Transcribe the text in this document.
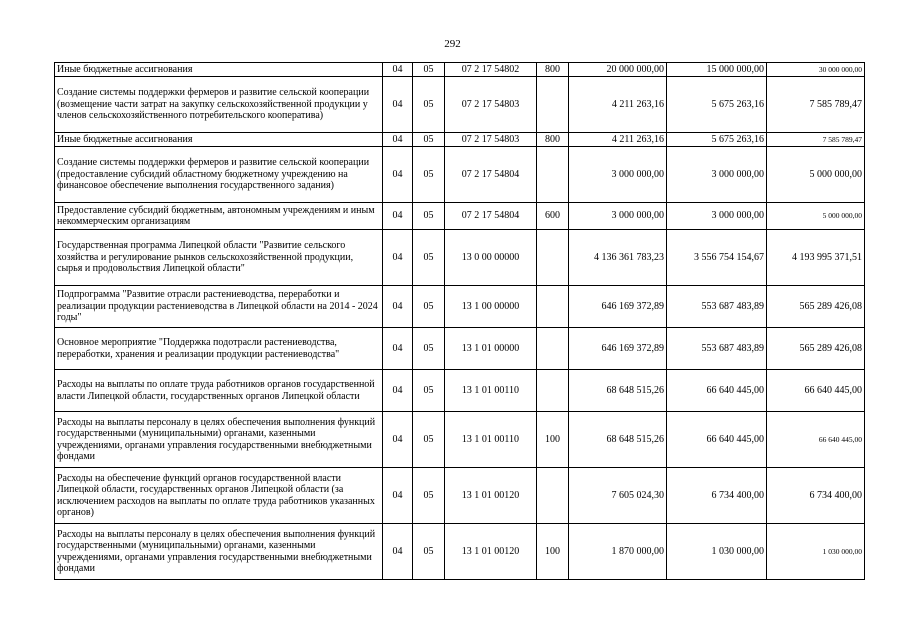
292
Иные бюджетные ассигнования	04	05	07 2 17 54802	800	20 000 000,00	15 000 000,00	30 000 000,00
Создание системы поддержки фермеров и развитие сельской кооперации (возмещение части затрат на закупку сельскохозяйственной продукции у членов сельскохозяйственного потребительского кооператива)	04	05	07 2 17 54803		4 211 263,16	5 675 263,16	7 585 789,47
Иные бюджетные ассигнования	04	05	07 2 17 54803	800	4 211 263,16	5 675 263,16	7 585 789,47
Создание системы поддержки фермеров и развитие сельской кооперации (предоставление субсидий областному бюджетному учреждению на финансовое обеспечение выполнения государственного задания)	04	05	07 2 17 54804		3 000 000,00	3 000 000,00	5 000 000,00
Предоставление субсидий бюджетным, автономным учреждениям и иным некоммерческим организациям	04	05	07 2 17 54804	600	3 000 000,00	3 000 000,00	5 000 000,00
Государственная программа Липецкой области "Развитие сельского хозяйства и регулирование рынков сельскохозяйственной продукции, сырья и продовольствия Липецкой области"	04	05	13 0 00 00000		4 136 361 783,23	3 556 754 154,67	4 193 995 371,51
Подпрограмма "Развитие отрасли растениеводства, переработки и реализации продукции растениеводства в Липецкой области на 2014 - 2024 годы"	04	05	13 1 00 00000		646 169 372,89	553 687 483,89	565 289 426,08
Основное мероприятие "Поддержка подотрасли растениеводства, переработки, хранения и реализации продукции растениеводства"	04	05	13 1 01 00000		646 169 372,89	553 687 483,89	565 289 426,08
Расходы на выплаты по оплате труда работников органов государственной власти Липецкой области, государственных органов Липецкой области	04	05	13 1 01 00110		68 648 515,26	66 640 445,00	66 640 445,00
Расходы на выплаты персоналу в целях обеспечения выполнения функций государственными (муниципальными) органами, казенными учреждениями, органами управления государственными внебюджетными фондами	04	05	13 1 01 00110	100	68 648 515,26	66 640 445,00	66 640 445,00
Расходы на обеспечение функций органов государственной власти Липецкой области, государственных органов Липецкой области (за исключением расходов на выплаты по оплате труда работников указанных органов)	04	05	13 1 01 00120		7 605 024,30	6 734 400,00	6 734 400,00
Расходы на выплаты персоналу в целях обеспечения выполнения функций государственными (муниципальными) органами, казенными учреждениями, органами управления государственными внебюджетными фондами	04	05	13 1 01 00120	100	1 870 000,00	1 030 000,00	1 030 000,00
